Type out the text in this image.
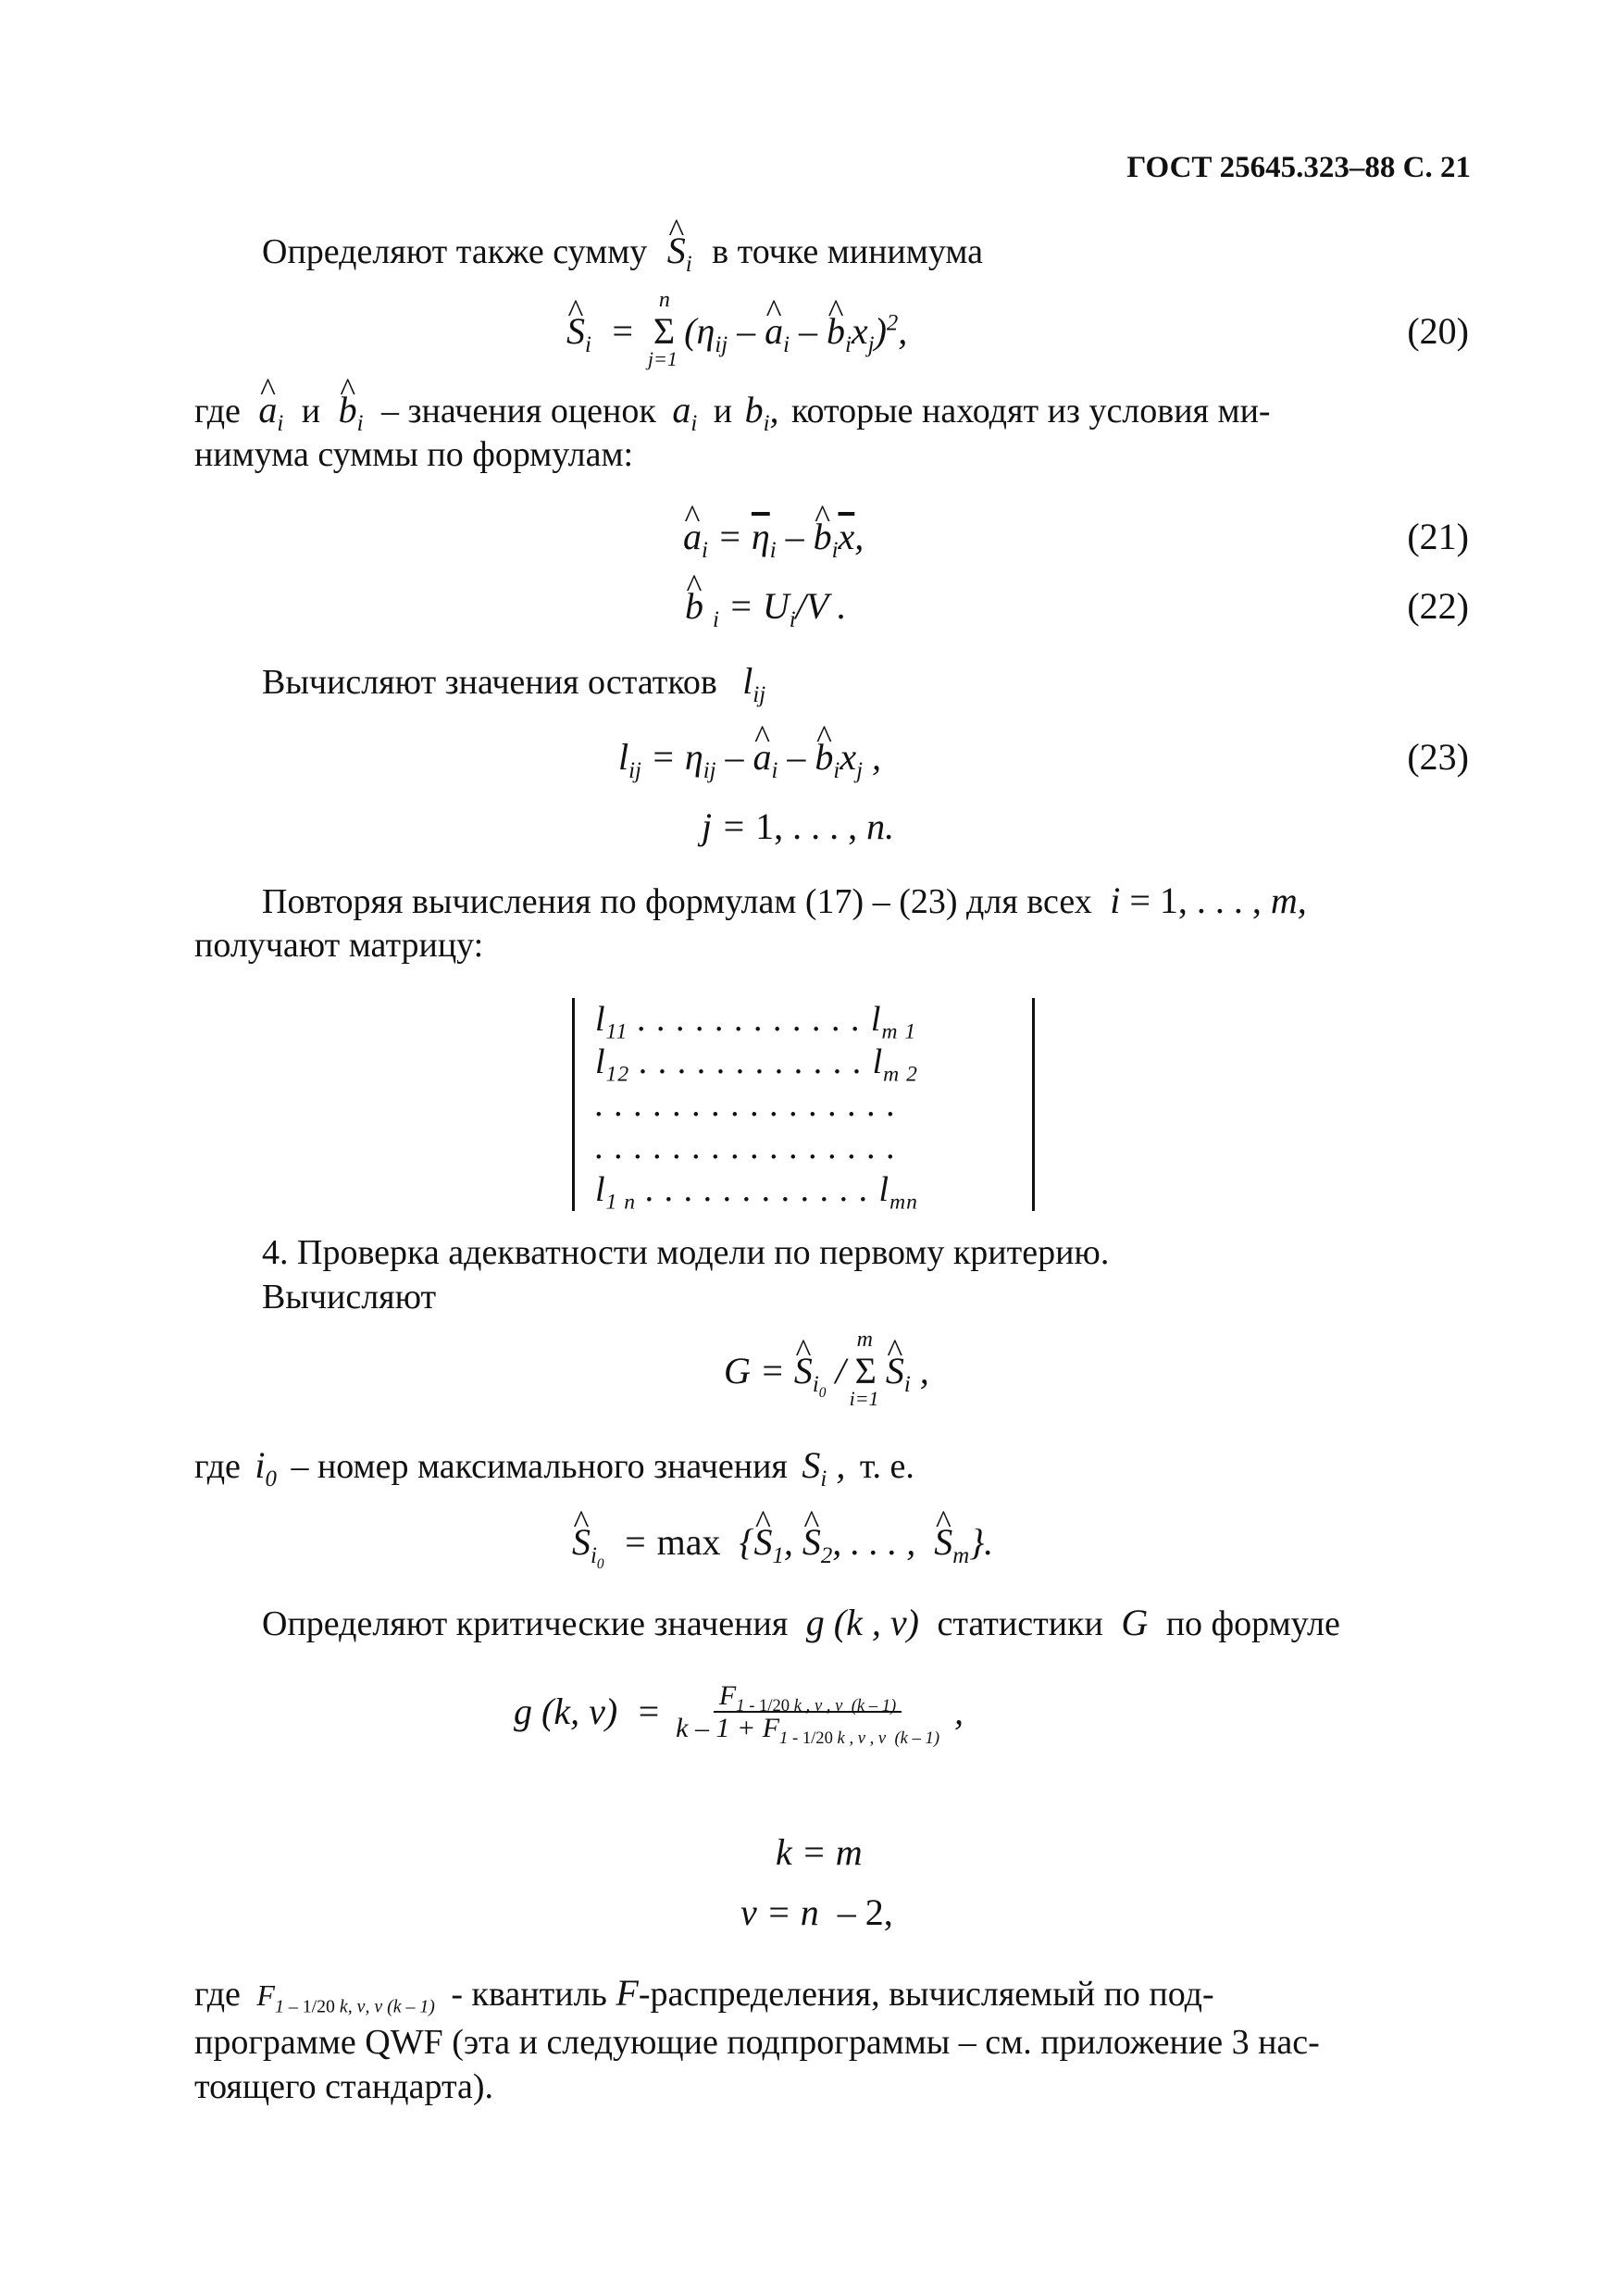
ГОСТ 25645.323–88 С. 21
Определяют также сумму ^ $S_i$ в точке минимума
^ $S_i$  =
n
Σ
j=1
($\eta_{ij}$ – ^ $a_i$ – ^ $b_ix_j)^2$,	(20)
где ^ $a_i$ и ^ $b_i$ – значения оценок $a_i$ и $b_i$, которые находят из условия ми-
нимума суммы по формулам:
^ $a_i = \overline{\eta}_i$ – ^ $b_i\overline{x}$,	(21)
^ b $_i = U_i/V$ .	(22)
Вычисляют значения остатков $l_{ij}$
$l_{ij} = \eta_{ij}$ – ^ $a_i$ – ^ $b_ix_j$ ,	(23)
j = 1, . . . , n.
Повторяя вычисления по формулам (17) – (23) для всех i = 1, . . . , m,
получают матрицу:
$l_{11}$ . . . . . . . . . . . . $l_{m 1}$
$l_{12}$ . . . . . . . . . . . . $l_{m 2}$
. . . . . . . . . . . . . . . .
. . . . . . . . . . . . . . . .
$l_{1 n}$ . . . . . . . . . . . . $l_{mn}$
4. Проверка адекватности модели по первому критерию.
Вычисляют
G = ^ $S_{i_0}$ /
m
Σ
i=1
^ $S_i$ ,
где $i_0$ – номер максимального значения $S_i$ , т. е.
^ $S_{i_0} = \max$  {^ $S_1$, ^ $S_2$, . . . ,  ^ $S_m$}.
Определяют критические значения g (k , ν) статистики G по формуле
g (k, $\nu) = \frac{F_{1 - 1/20 k , \nu , \nu (k - 1)}}{k - 1 + F_{1 - 1/20 k , \nu , \nu (k - 1)}}$ ,
k = m
ν = n  – 2,
где $F_{1 - 1/20 k, \nu, \nu (k - 1)}$ - квантиль F-распределения, вычисляемый по под-
программе QWF (эта и следующие подпрограммы – см. приложение 3 нас-
тоящего стандарта).
